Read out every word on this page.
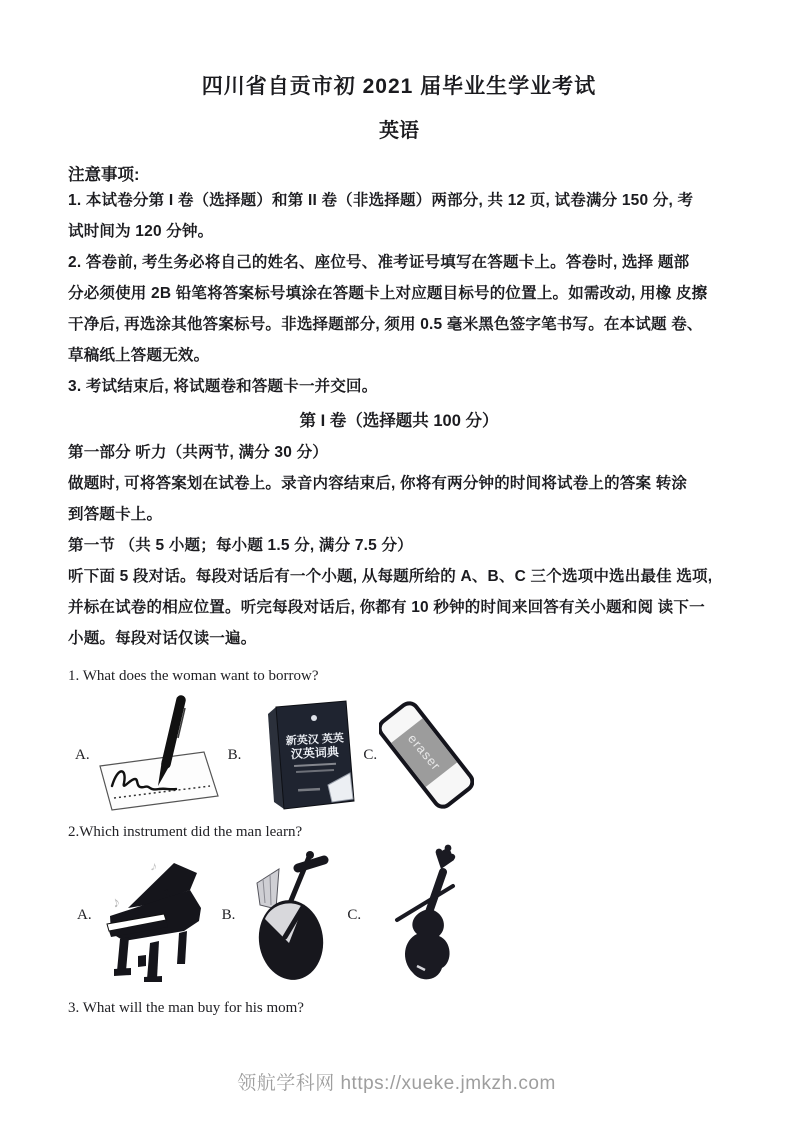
四川省自贡市初 2021 届毕业生学业考试
英语
注意事项:
1. 本试卷分第 I 卷（选择题）和第 II 卷（非选择题）两部分, 共 12 页, 试卷满分 150 分, 考
试时间为 120 分钟。
2. 答卷前, 考生务必将自己的姓名、座位号、准考证号填写在答题卡上。答卷时, 选择 题部
分必须使用 2B 铅笔将答案标号填涂在答题卡上对应题目标号的位置上。如需改动, 用橡 皮擦
干净后, 再选涂其他答案标号。非选择题部分, 须用 0.5 毫米黑色签字笔书写。在本试题 卷、
草稿纸上答题无效。
3. 考试结束后, 将试题卷和答题卡一并交回。
第 I 卷（选择题共 100 分）
第一部分 听力（共两节, 满分 30 分）
做题时, 可将答案划在试卷上。录音内容结束后, 你将有两分钟的时间将试卷上的答案 转涂
到答题卡上。
第一节 （共 5 小题；每小题 1.5 分, 满分 7.5 分）
听下面 5 段对话。每段对话后有一个小题, 从每题所给的 A、B、C 三个选项中选出最佳 选项,
并标在试卷的相应位置。听完每段对话后, 你都有 10 秒钟的时间来回答有关小题和阅 读下一
小题。每段对话仅读一遍。
1. What does the woman want to borrow?
A.	B.
新英汉 英英
汉英词典 C. eraser
2.Which instrument did the man learn?
A.
♪
♪
B.	C.
3. What will the man buy for his mom?
领航学科网 https://xueke.jmkzh.com
